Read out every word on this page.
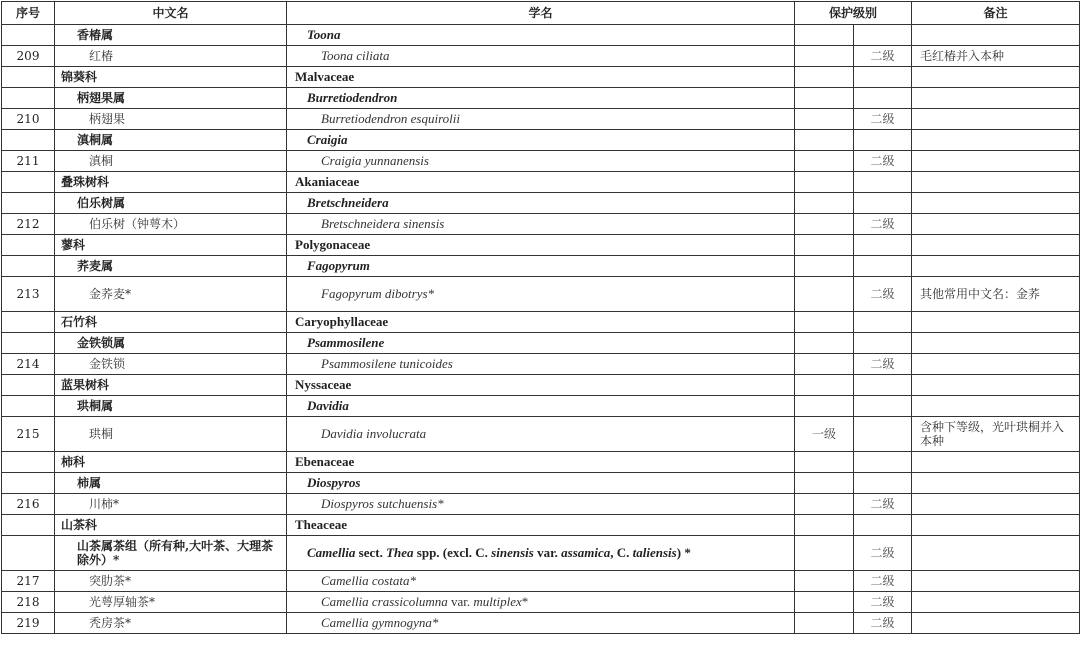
序号	中文名	学名	保护级别		备注
	香椿属	Toona			
209	红椿	Toona ciliata		二级	毛红椿并入本种
	锦葵科	Malvaceae			
	柄翅果属	Burretiodendron			
210	柄翅果	Burretiodendron esquirolii		二级	
	滇桐属	Craigia			
211	滇桐	Craigia yunnanensis		二级	
	叠珠树科	Akaniaceae			
	伯乐树属	Bretschneidera			
212	伯乐树（钟萼木）	Bretschneidera sinensis		二级	
	蓼科	Polygonaceae			
	荞麦属	Fagopyrum			
213	金荞麦*	Fagopyrum dibotrys*		二级	其他常用中文名：金荞
	石竹科	Caryophyllaceae			
	金铁锁属	Psammosilene			
214	金铁锁	Psammosilene tunicoides		二级	
	蓝果树科	Nyssaceae			
	珙桐属	Davidia			
215	珙桐	Davidia involucrata	一级		含种下等级，光叶珙桐并入本种
	柿科	Ebenaceae			
	柿属	Diospyros			
216	川柿*	Diospyros sutchuensis*		二级	
	山茶科	Theaceae			
	山茶属茶组（所有种,大叶茶、大理茶除外）*	Camellia sect. Thea spp. (excl. C. sinensis var. assamica, C. taliensis) *		二级	
217	突肋茶*	Camellia costata*		二级	
218	光萼厚轴茶*	Camellia crassicolumna var. multiplex*		二级	
219	秃房茶*	Camellia gymnogyna*		二级	
